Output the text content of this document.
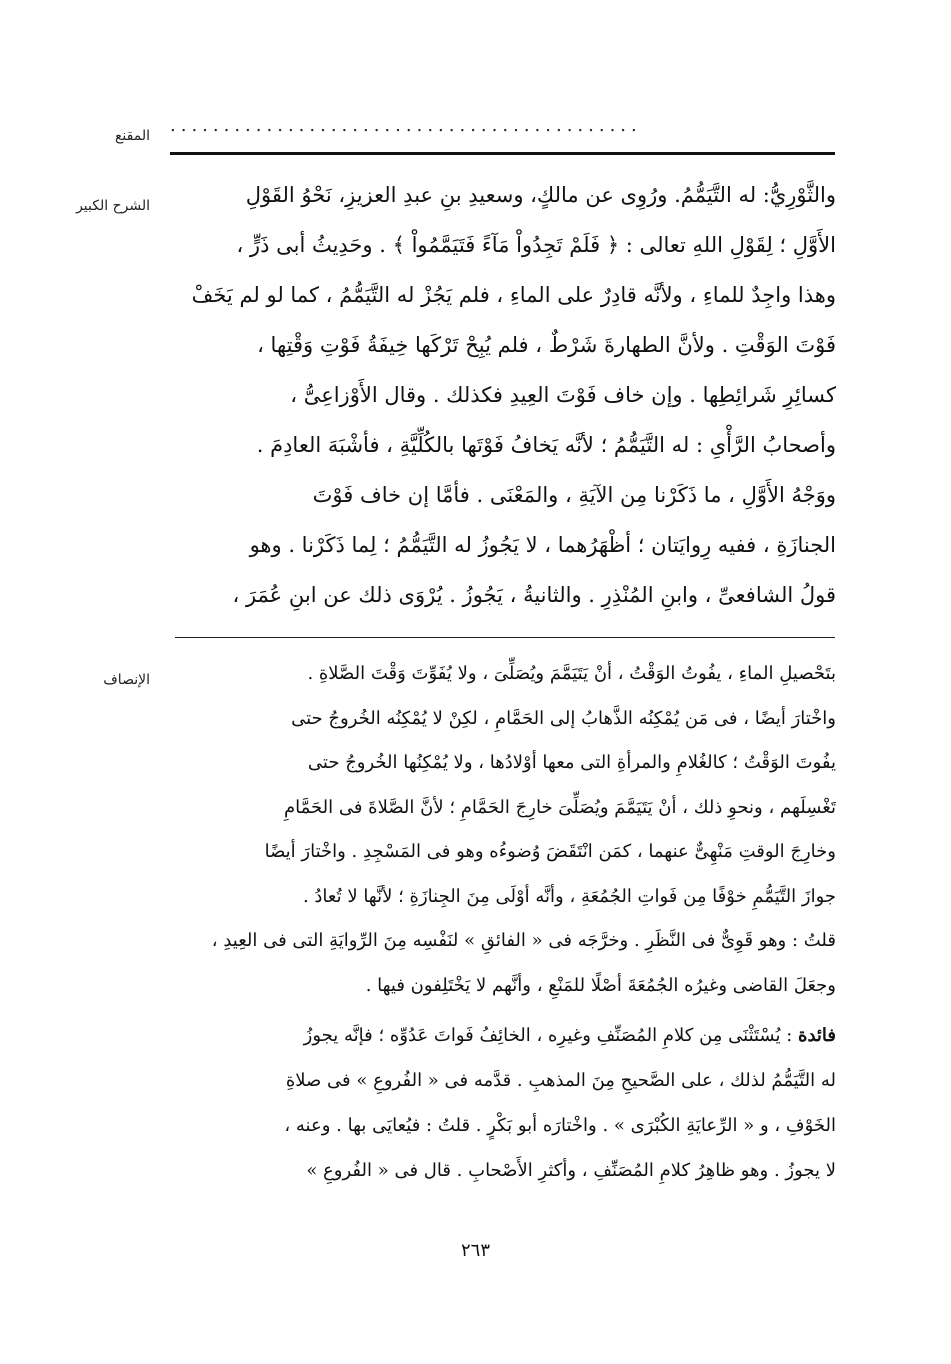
المقنع ............................................
الشرح الكبير	والثَّوْرِيُّ: له التَّيَمُّمُ. ورُوِى عن مالكٍ، وسعيدِ بنِ عبدِ العزيزِ، نَحْوُ القَوْلِ
الأَوَّلِ ؛ لِقَوْلِ اللهِ تعالى : ﴿ فَلَمْ تَجِدُواْ مَآءً فَتَيَمَّمُواْ ﴾ . وحَدِيثُ أبى ذَرٍّ ،
وهذا واجِدٌ للماءِ ، ولأنَّه قادِرٌ على الماءِ ، فلم يَجُزْ له التَّيَمُّمُ ، كما لو لم يَخَفْ
فَوْتَ الوَقْتِ . ولأنَّ الطهارةَ شَرْطٌ ، فلم يُبِحْ تَرْكَها خِيفَةُ فَوْتِ وَقْتِها ،
كسائِرِ شَرائِطِها . وإن خاف فَوْتَ العِيدِ فكذلك . وقال الأَوْزاعِىُّ ،
وأصحابُ الرَّأْىِ : له التَّيَمُّمُ ؛ لأنَّه يَخافُ فَوْتَها بالكُلِّيَّةِ ، فأشْبَهَ العادِمَ .
ووَجْهُ الأَوَّلِ ، ما ذَكَرْنا مِن الآيَةِ ، والمَعْنَى . فأمَّا إن خاف فَوْتَ
الجنازَةِ ، ففيه رِوايَتان ؛ أظْهَرُهما ، لا يَجُوزُ له التَّيَمُّمُ ؛ لِما ذَكَرْنا . وهو
قولُ الشافعىِّ ، وابنِ المُنْذِرِ . والثانيةُ ، يَجُوزُ . يُرْوَى ذلك عن ابنِ عُمَرَ ،
الإنصاف	بتَحْصيلِ الماءِ ، يفُوتُ الوَقْتُ ، أنْ يَتَيَمَّمَ ويُصَلِّىَ ، ولا يُفَوِّتَ وَقْتَ الصَّلاةِ .
واخْتارَ أيضًا ، فى مَن يُمْكِنُه الذَّهابُ إلى الحَمَّامِ ، لكِنْ لا يُمْكِنُه الخُروجُ حتى
يفُوتَ الوَقْتُ ؛ كالغُلامِ والمرأةِ التى معها أوْلادُها ، ولا يُمْكِنُها الخُروجُ حتى
تَغْسِلَهم ، ونحوِ ذلك ، أنْ يَتَيَمَّمَ ويُصَلِّىَ خارِجَ الحَمَّامِ ؛ لأنَّ الصَّلاةَ فى الحَمَّامِ
وخارِجَ الوقتِ مَنْهِىٌّ عنهما ، كمَن انْتَقَضَ وُضوءُه وهو فى المَسْجِدِ . واخْتارَ أيضًا
جوازَ التَّيَمُّمِ خوْفًا مِن فَواتِ الجُمُعَةِ ، وأنَّه أوْلَى مِنَ الجِنازَةِ ؛ لأنَّها لا تُعادُ .
قلتُ : وهو قَوِىٌّ فى النَّظَرِ . وخرَّجَه فى « الفائقِ » لنَفْسِه مِنَ الرِّوايَةِ التى فى العِيدِ ،
وجعَلَ القاضى وغيرُه الجُمُعَةَ أصْلًا للمَنْعِ ، وأنَّهم لا يَخْتَلِفون فيها .
فائدة : يُسْتَثْنَى مِن كلامِ المُصَنِّفِ وغيرِه ، الخائِفُ فَواتَ عَدُوِّه ؛ فإنَّه يجوزُ
له التَّيَمُّمُ لذلك ، على الصَّحيحِ مِنَ المذهبِ . قدَّمه فى « الفُروعِ » فى صلاةِ
الخَوْفِ ، و « الرِّعايَةِ الكُبْرَى » . واخْتارَه أبو بَكْرٍ . قلتُ : فيُعايَى بها . وعنه ،
لا يجوزُ . وهو ظاهِرُ كلامِ المُصَنِّفِ ، وأكثرِ الأَصْحابِ . قال فى « الفُروعِ »
٢٦٣
